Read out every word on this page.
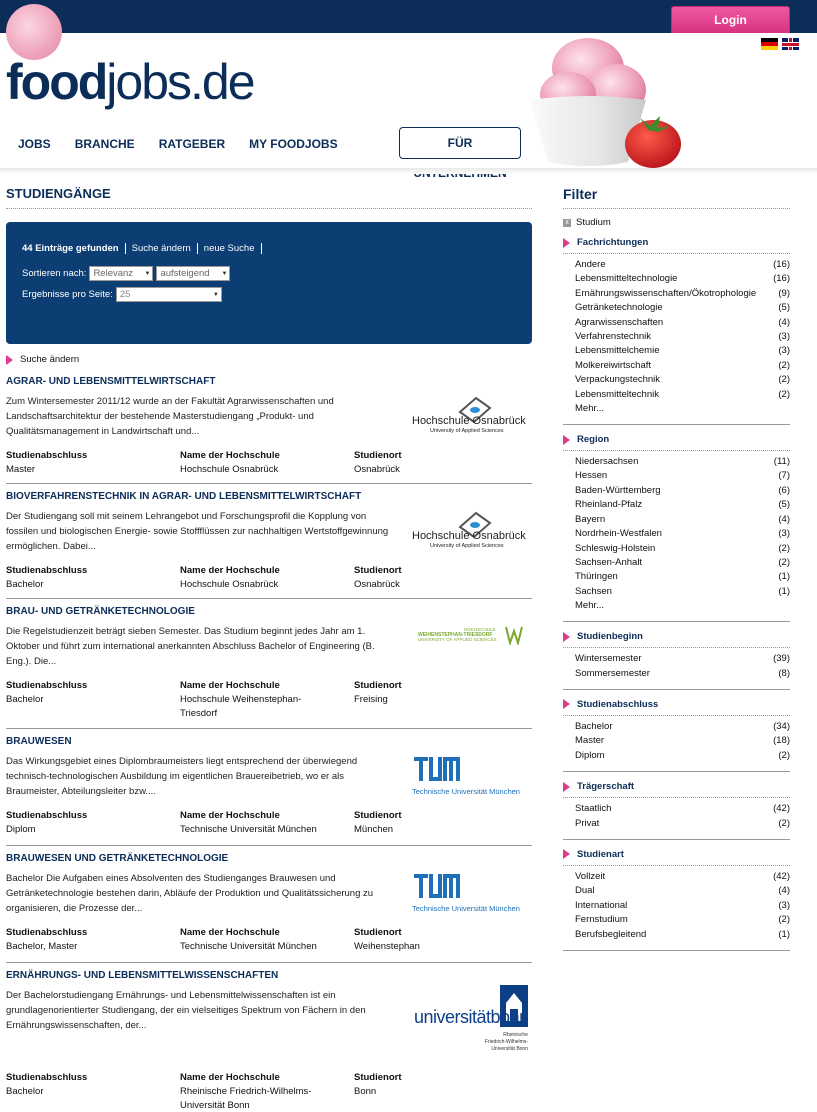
Login
foodjobs.de
JOBS BRANCHE RATGEBER MY FOODJOBS	FÜR
STUDIENGÄNGE
44 Einträge gefunden Suche ändern neue Suche
Sortieren nach: Relevanz ▼	aufsteigend ▼
Ergebnisse pro Seite: 25 ▼
Suche ändern
AGRAR- UND LEBENSMITTELWIRTSCHAFT
Hochschule Osnabrück
University of Applied Sciences
Zum Wintersemester 2011/12 wurde an der Fakultät Agrarwissenschaften und Landschaftsarchitektur der bestehende Masterstudiengang „Produkt- und Qualitätsmanagement in Landwirtschaft und...
Studienabschluss
Master
Name der Hochschule
Hochschule Osnabrück
Studienort
Osnabrück
BIOVERFAHRENSTECHNIK IN AGRAR- UND LEBENSMITTELWIRTSCHAFT
Hochschule Osnabrück
University of Applied Sciences
Der Studiengang soll mit seinem Lehrangebot und Forschungsprofil die Kopplung von fossilen und biologischen Energie- sowie Stoffflüssen zur nachhaltigen Wertstoffgewinnung ermöglichen. Dabei...
Studienabschluss
Bachelor
Name der Hochschule
Hochschule Osnabrück
Studienort
Osnabrück
BRAU- UND GETRÄNKETECHNOLOGIE
HOCHSCHULE
WEIHENSTEPHAN-TRIESDORF
UNIVERSITY OF APPLIED SCIENCES
Die Regelstudienzeit beträgt sieben Semester. Das Studium beginnt jedes Jahr am 1. Oktober und führt zum international anerkannten Abschluss Bachelor of Engineering (B. Eng.). Die...
Studienabschluss
Bachelor
Name der Hochschule
Hochschule Weihenstephan-Triesdorf
Studienort
Freising
BRAUWESEN
Technische Universität München
Das Wirkungsgebiet eines Diplombraumeisters liegt entsprechend der überwiegend technisch-technologischen Ausbildung im eigentlichen Brauereibetrieb, wo er als Braumeister, Abteilungsleiter bzw....
Studienabschluss
Diplom
Name der Hochschule
Technische Universität München
Studienort
München
BRAUWESEN UND GETRÄNKETECHNOLOGIE
Technische Universität München
Bachelor Die Aufgaben eines Absolventen des Studienganges Brauwesen und Getränketechnologie bestehen darin, Abläufe der Produktion und Qualitätssicherung zu organisieren, die Prozesse der...
Studienabschluss
Bachelor, Master
Name der Hochschule
Technische Universität München
Studienort
Weihenstephan
ERNÄHRUNGS- UND LEBENSMITTELWISSENSCHAFTEN
universitätbonn
Rheinische
Friedrich-Wilhelms-
Universität Bonn
Der Bachelorstudiengang Ernährungs- und Lebensmittelwissenschaften ist ein grundlagenorientierter Studiengang, der ein vielseitiges Spektrum von Fächern in den Ernährungswissenschaften, der...
Studienabschluss
Bachelor
Name der Hochschule
Rheinische Friedrich-Wilhelms-Universität Bonn
Studienort
Bonn
Filter
x Studium
Fachrichtungen
Andere	(16)
Lebensmitteltechnologie	(16)
Ernährungswissenschaften/Ökotrophologie (9)
Getränketechnologie	(5)
Agrarwissenschaften	(4)
Verfahrenstechnik	(3)
Lebensmittelchemie	(3)
Molkereiwirtschaft	(2)
Verpackungstechnik	(2)
Lebensmitteltechnik	(2)
Mehr...
Region
Niedersachsen	(11)
Hessen	(7)
Baden-Württemberg	(6)
Rheinland-Pfalz	(5)
Bayern	(4)
Nordrhein-Westfalen	(3)
Schleswig-Holstein	(2)
Sachsen-Anhalt	(2)
Thüringen	(1)
Sachsen	(1)
Mehr...
Studienbeginn
Wintersemester	(39)
Sommersemester	(8)
Studienabschluss
Bachelor	(34)
Master	(18)
Diplom	(2)
Trägerschaft
Staatlich	(42)
Privat	(2)
Studienart
Vollzeit	(42)
Dual	(4)
International	(3)
Fernstudium	(2)
Berufsbegleitend	(1)
